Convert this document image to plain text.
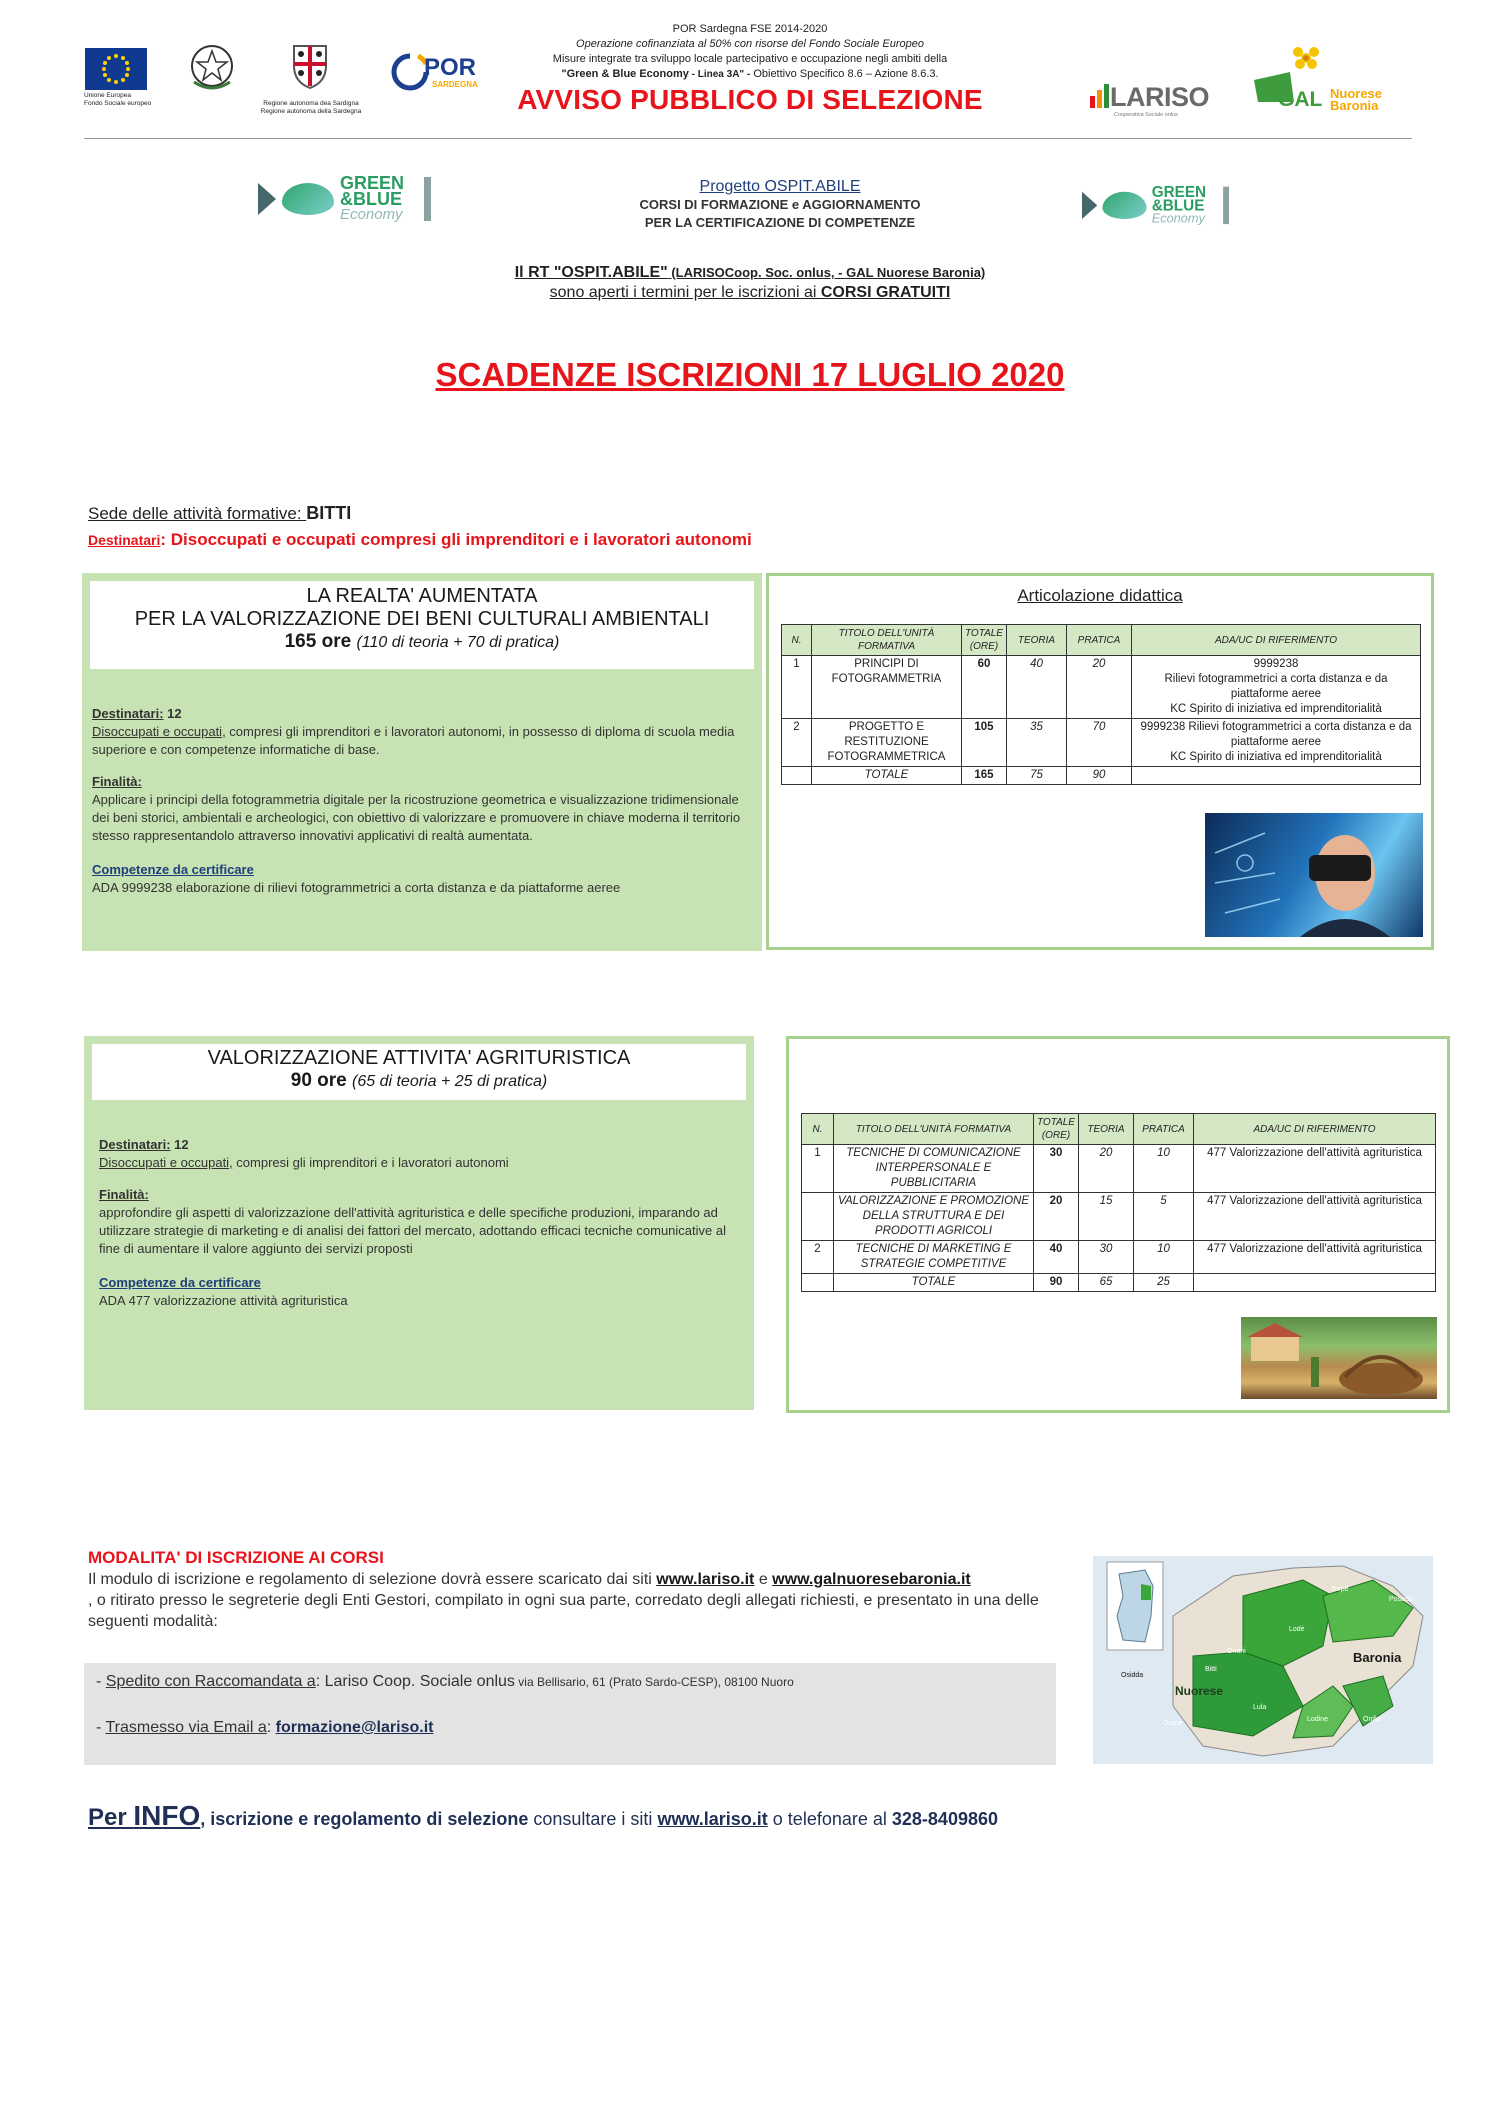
POR Sardegna FSE 2014-2020
Operazione cofinanziata al 50% con risorse del Fondo Sociale Europeo
Misure integrate tra sviluppo locale partecipativo e occupazione negli ambiti della
"Green & Blue Economy - Linea 3A" - Obiettivo Specifico 8.6 – Azione 8.6.3.
AVVISO PUBBLICO DI SELEZIONE
Unione Europea
Fondo Sociale europeo	Regione autonoma dea Sardigna
Regione autonoma della Sardegna
POR
SARDEGNA	LARISO
Cooperativa Sociale onlus
GAL Nuorese
Baronia
GREEN
&BLUE
Economy
GREEN
&BLUE
Economy
Progetto OSPIT.ABILE
CORSI DI FORMAZIONE e AGGIORNAMENTO
PER LA CERTIFICAZIONE DI COMPETENZE
Il RT "OSPIT.ABILE" (LARISOCoop. Soc. onlus, - GAL Nuorese Baronia)
sono aperti i termini per le iscrizioni ai CORSI GRATUITI
SCADENZE ISCRIZIONI 17 LUGLIO 2020
Sede delle attività formative: BITTI
Destinatari: Disoccupati e occupati compresi gli imprenditori e i lavoratori autonomi
LA REALTA' AUMENTATA
PER LA VALORIZZAZIONE DEI BENI CULTURALI AMBIENTALI
165 ore (110 di teoria + 70 di pratica)
Destinatari: 12
Disoccupati e occupati, compresi gli imprenditori e i lavoratori autonomi, in possesso di diploma di scuola media superiore e con competenze informatiche di base.
Finalità:
Applicare i principi della fotogrammetria digitale per la ricostruzione geometrica e visualizzazione tridimensionale dei beni storici, ambientali e archeologici, con obiettivo di valorizzare e promuovere in chiave moderna il territorio stesso rappresentandolo attraverso innovativi applicativi di realtà aumentata.
Competenze da certificare
ADA 9999238 elaborazione di rilievi fotogrammetrici a corta distanza e da piattaforme aeree
Articolazione didattica
N.	TITOLO DELL'UNITÀ FORMATIVA	TOTALE (ORE)	TEORIA	PRATICA	ADA/UC DI RIFERIMENTO
1	PRINCIPI DI FOTOGRAMMETRIA	60	40	20	9999238
Rilievi fotogrammetrici a corta distanza e da piattaforme aeree
KC Spirito di iniziativa ed imprenditorialità
2	PROGETTO E RESTITUZIONE FOTOGRAMMETRICA	105	35	70	9999238 Rilievi fotogrammetrici a corta distanza e da piattaforme aeree
KC Spirito di iniziativa ed imprenditorialità
	TOTALE	165	75	90	
VALORIZZAZIONE ATTIVITA' AGRITURISTICA
90 ore (65 di teoria + 25 di pratica)
Destinatari: 12
Disoccupati e occupati, compresi gli imprenditori e i lavoratori autonomi
Finalità:
approfondire gli aspetti di valorizzazione dell'attività agrituristica e delle specifiche produzioni, imparando ad utilizzare strategie di marketing e di analisi dei fattori del mercato, adottando efficaci tecniche comunicative al fine di aumentare il valore aggiunto dei servizi proposti
Competenze da certificare
ADA 477 valorizzazione attività agrituristica
N.	TITOLO DELL'UNITÀ FORMATIVA	TOTALE (ORE)	TEORIA	PRATICA	ADA/UC DI RIFERIMENTO
1	TECNICHE DI COMUNICAZIONE INTERPERSONALE E PUBBLICITARIA	30	20	10	477 Valorizzazione dell'attività agrituristica
	VALORIZZAZIONE E PROMOZIONE DELLA STRUTTURA E DEI PRODOTTI AGRICOLI	20	15	5	477 Valorizzazione dell'attività agrituristica
2	TECNICHE DI MARKETING E STRATEGIE COMPETITIVE	40	30	10	477 Valorizzazione dell'attività agrituristica
	TOTALE	90	65	25	
MODALITA' DI ISCRIZIONE AI CORSI
Il modulo di iscrizione e regolamento di selezione dovrà essere scaricato dai siti www.lariso.it e www.galnuoresebaronia.it
, o ritirato presso le segreterie degli Enti Gestori, compilato in ogni sua parte, corredato degli allegati richiesti, e presentato in una delle seguenti modalità:
- Spedito con Raccomandata a: Lariso Coop. Sociale onlus via Bellisario, 61 (Prato Sardo-CESP), 08100 Nuoro
- Trasmesso via Email a: formazione@lariso.it
Nuorese
Baronia
Torpè
Posada
Lodè
Onani
Bitti
Orune
Lula
Lodine	Onifai
Osidda
Per INFO, iscrizione e regolamento di selezione consultare i siti www.lariso.it o telefonare al 328-8409860
